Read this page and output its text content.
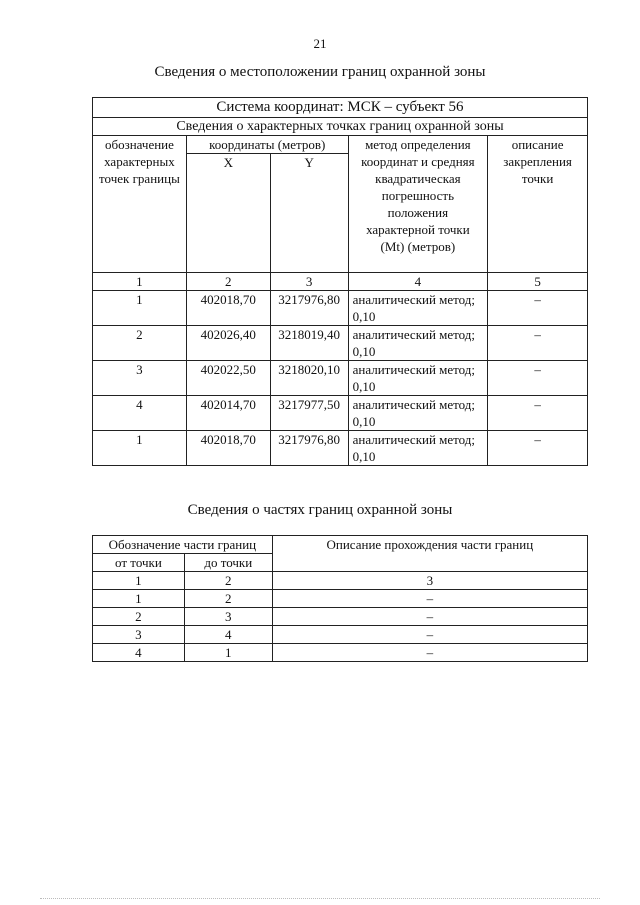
21
Сведения о местоположении границ охранной зоны
Система координат: МСК – субъект 56				
Сведения о характерных точках границ охранной зоны				
обозначение характерных точек границы	координаты (метров)		метод определения координат и средняя квадратическая погрешность положения характерной точки (Mt) (метров)	описание закрепления точки
	X	Y		
1	2	3	4	5
1	402018,70	3217976,80	аналитический метод; 0,10	–
2	402026,40	3218019,40	аналитический метод; 0,10	–
3	402022,50	3218020,10	аналитический метод; 0,10	–
4	402014,70	3217977,50	аналитический метод; 0,10	–
1	402018,70	3217976,80	аналитический метод; 0,10	–
Сведения о частях границ охранной зоны
Обозначение части границ		Описание прохождения части границ
от точки	до точки	
1	2	3
1	2	–
2	3	–
3	4	–
4	1	–
